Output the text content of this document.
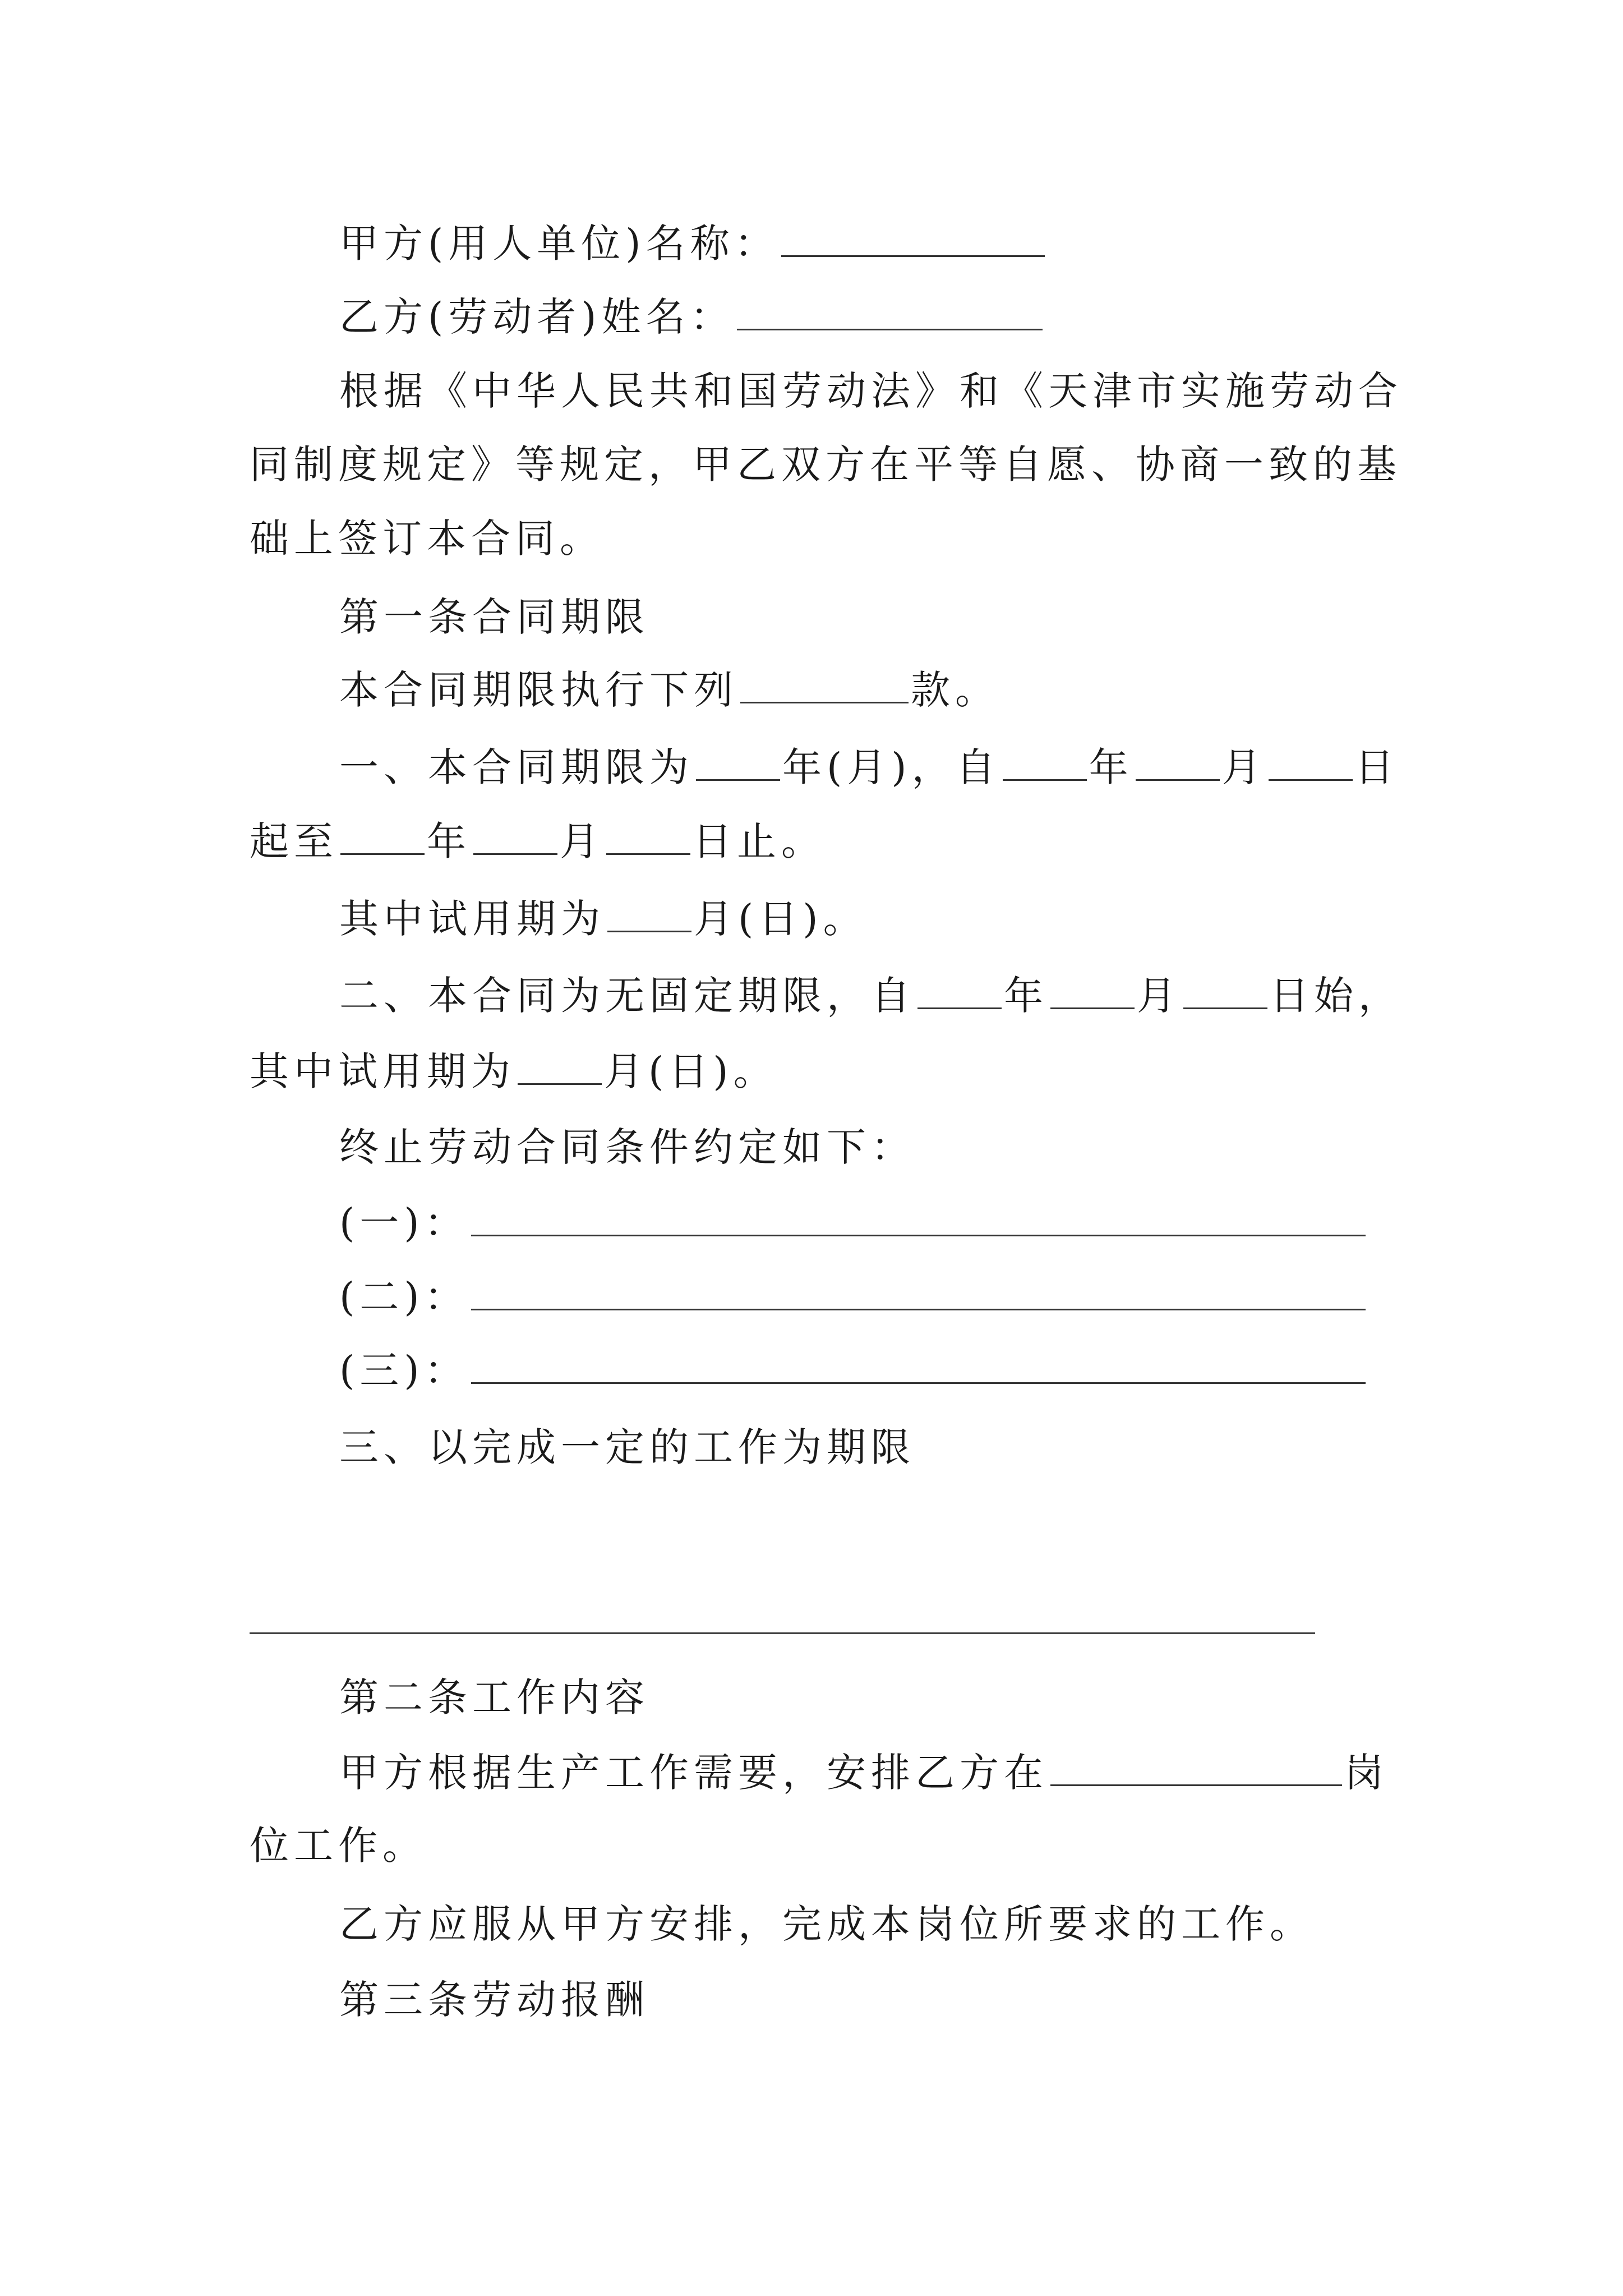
甲方(用人单位)名称：
乙方(劳动者)姓名：
根据《中华人民共和国劳动法》和《天津市实施劳动合
同制度规定》等规定，甲乙双方在平等自愿、协商一致的基
础上签订本合同。
第一条合同期限
本合同期限执行下列	款。
一、本合同期限为 年(月)，自 年 月 日
起至 年 月 日止。
其中试用期为 月(日)。
二、本合同为无固定期限，自 年 月 日始，
其中试用期为 月(日)。
终止劳动合同条件约定如下：
(一)：
(二)：
(三)：
三、以完成一定的工作为期限
第二条工作内容
甲方根据生产工作需要，安排乙方在	岗
位工作。
乙方应服从甲方安排，完成本岗位所要求的工作。
第三条劳动报酬
